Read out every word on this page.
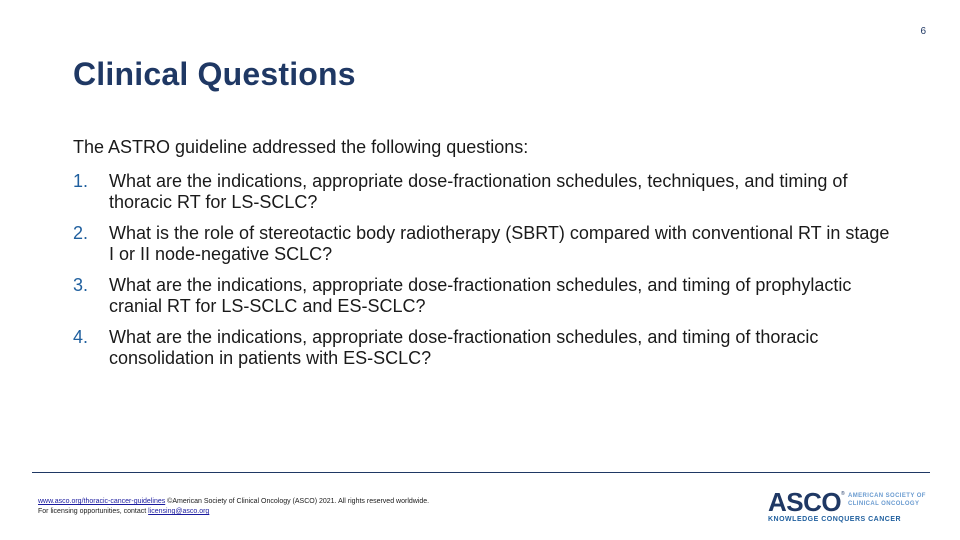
6
Clinical Questions
The ASTRO guideline addressed the following questions:
1.	What are the indications, appropriate dose-fractionation schedules, techniques, and timing of thoracic RT for LS-SCLC?
2.	What is the role of stereotactic body radiotherapy (SBRT) compared with conventional RT in stage I or II node-negative SCLC?
3.	What are the indications, appropriate dose-fractionation schedules, and timing of prophylactic cranial RT for LS-SCLC and ES-SCLC?
4.	What are the indications, appropriate dose-fractionation schedules, and timing of thoracic consolidation in patients with ES-SCLC?
www.asco.org/thoracic-cancer-guidelines ©American Society of Clinical Oncology (ASCO) 2021. All rights reserved worldwide.
For licensing opportunities, contact licensing@asco.org	ASCO ® AMERICAN SOCIETY OF
CLINICAL ONCOLOGY
KNOWLEDGE CONQUERS CANCER
